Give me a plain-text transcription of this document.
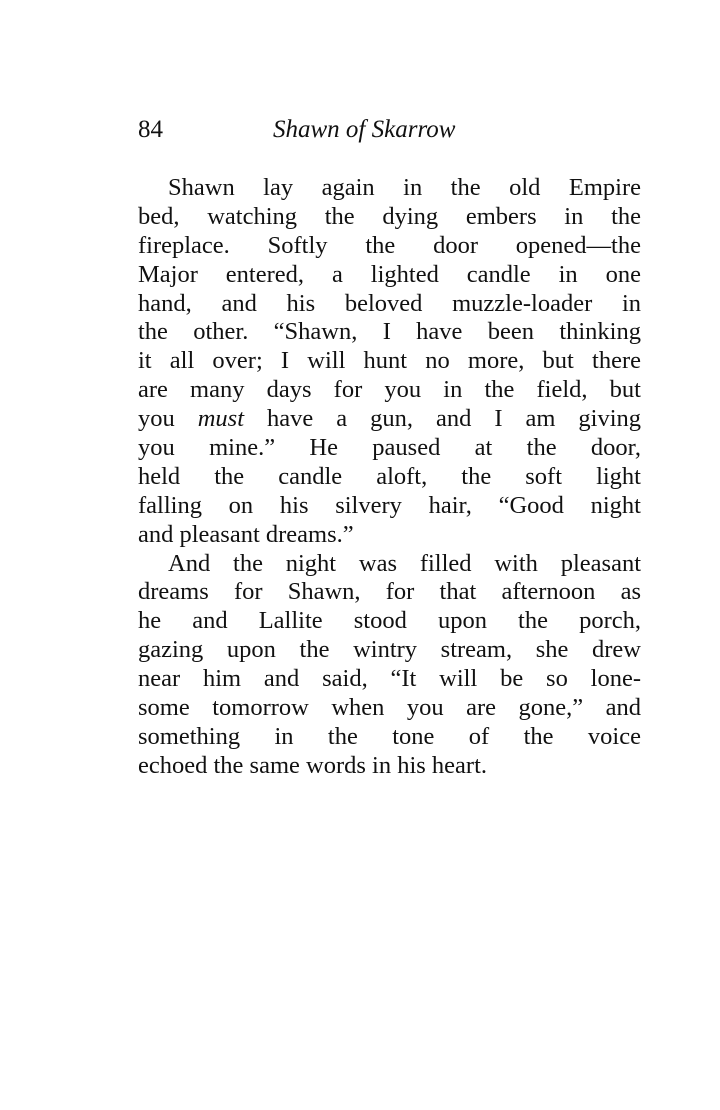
84	Shawn of Skarrow
Shawn lay again in the old Empire
bed, watching the dying embers in the
fireplace. Softly the door opened—the
Major entered, a lighted candle in one
hand, and his beloved muzzle-loader in
the other. “Shawn, I have been thinking
it all over; I will hunt no more, but there
are many days for you in the field, but
you must have a gun, and I am giving
you mine.” He paused at the door,
held the candle aloft, the soft light
falling on his silvery hair, “Good night
and pleasant dreams.”
And the night was filled with pleasant
dreams for Shawn, for that afternoon as
he and Lallite stood upon the porch,
gazing upon the wintry stream, she drew
near him and said, “It will be so lone-
some tomorrow when you are gone,” and
something in the tone of the voice
echoed the same words in his heart.
